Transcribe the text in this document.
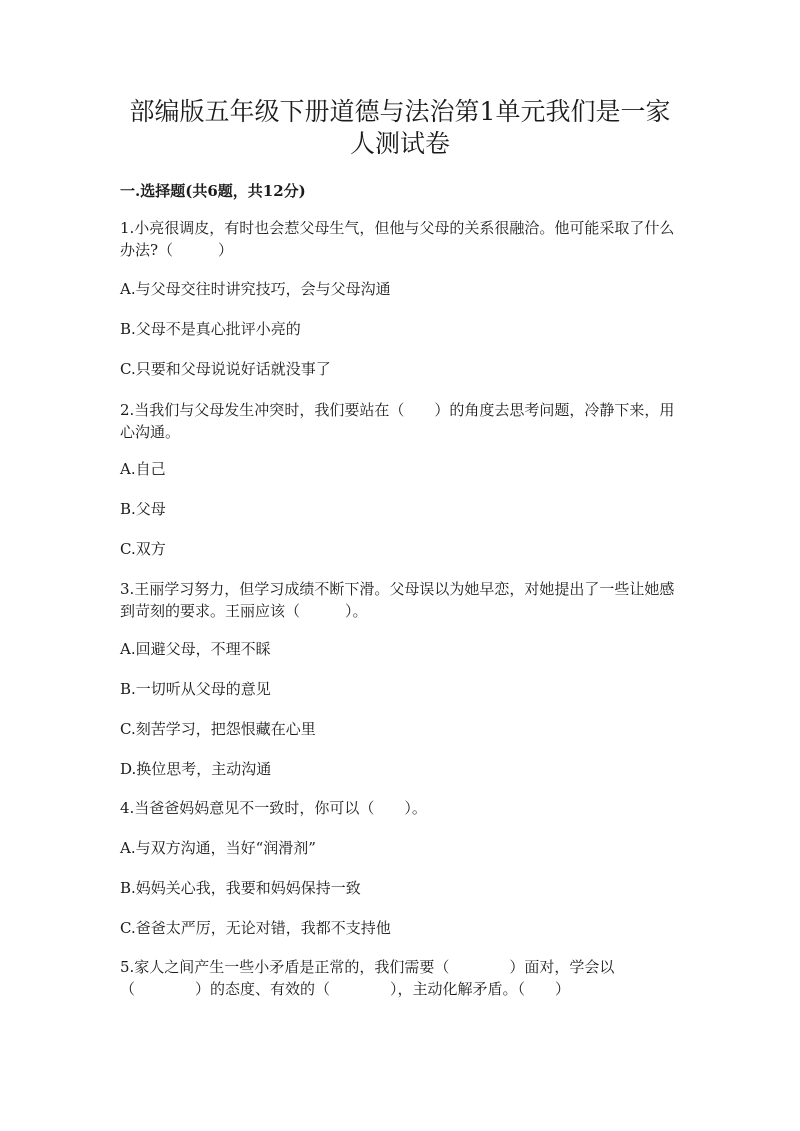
部编版五年级下册道德与法治第1单元我们是一家人测试卷

一.选择题(共6题，共12分)

1.小亮很调皮，有时也会惹父母生气，但他与父母的关系很融洽。他可能采取了什么办法?（　　　）

A.与父母交往时讲究技巧，会与父母沟通

B.父母不是真心批评小亮的

C.只要和父母说说好话就没事了

2.当我们与父母发生冲突时，我们要站在（　　）的角度去思考问题，冷静下来，用心沟通。

A.自己

B.父母

C.双方

3.王丽学习努力，但学习成绩不断下滑。父母误以为她早恋，对她提出了一些让她感到苛刻的要求。王丽应该（　　　）。

A.回避父母，不理不睬

B.一切听从父母的意见

C.刻苦学习，把怨恨藏在心里

D.换位思考，主动沟通

4.当爸爸妈妈意见不一致时，你可以（　　）。

A.与双方沟通，当好“润滑剂”

B.妈妈关心我，我要和妈妈保持一致

C.爸爸太严厉，无论对错，我都不支持他

5.家人之间产生一些小矛盾是正常的，我们需要（　　　　）面对，学会以（　　　　）的态度、有效的（　　　　），主动化解矛盾。（　　）
